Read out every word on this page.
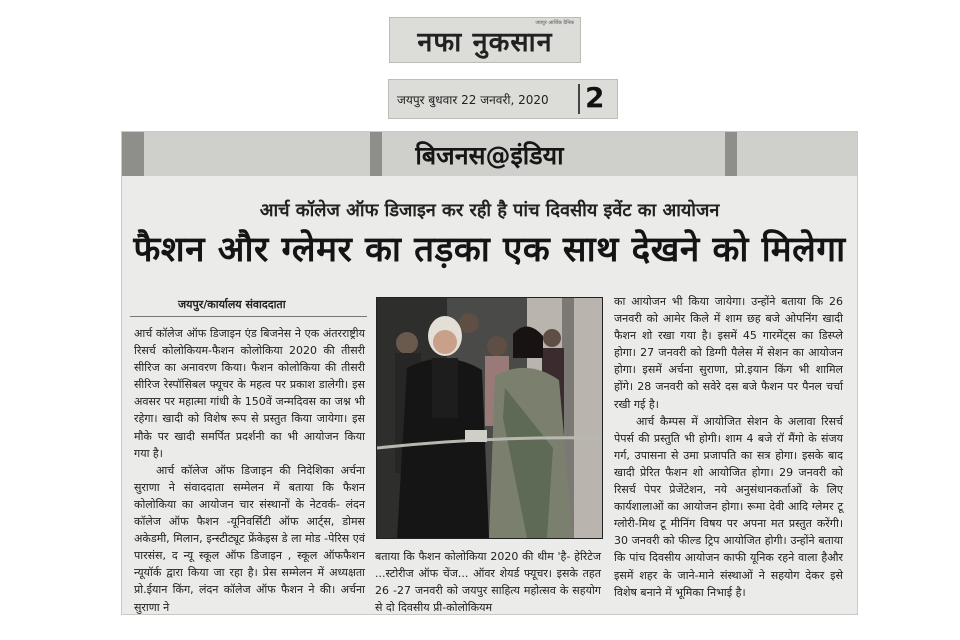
जयपुर आर्थिक दैनिक
नफा नुकसान
जयपुर बुधवार 22 जनवरी, 2020 2
बिजनस@इंडिया
आर्च कॉलेज ऑफ डिजाइन कर रही है पांच दिवसीय इवेंट का आयोजन
फैशन और ग्लेमर का तड़का एक साथ देखने को मिलेगा
जयपुर/कार्यालय संवाददाता

आर्च कॉलेज ऑफ डिजाइन एंड बिजनेस ने एक अंतरराष्ट्रीय रिसर्च कोलोकियम-फैशन कोलोकिया 2020 की तीसरी सीरिज का अनावरण किया। फैशन कोलोकिया की तीसरी सीरिज रेस्पॉसिबल फ्यूचर के महत्व पर प्रकाश डालेगी। इस अवसर पर महात्मा गांधी के 150वें जन्मदिवस का जश्न भी रहेगा। खादी को विशेष रूप से प्रस्तुत किया जायेगा। इस मौके पर खादी समर्पित प्रदर्शनी का भी आयोजन किया गया है।

आर्च कॉलेज ऑफ डिजाइन की निदेशिका अर्चना सुराणा ने संवाददाता सम्मेलन में बताया कि फैशन कोलोकिया का आयोजन चार संस्थानों के नेटवर्क- लंदन कॉलेज ऑफ फैशन -यूनिवर्सिटी ऑफ आर्ट्स, डोमस अकेडमी, मिलान, इन्स्टीट्यूट फ्रेंकेइस डे ला मोड -पेरिस एवं पारसंस, द न्यू स्कूल ऑफ डिजाइन , स्कूल ऑफफैशन न्यूयॉर्क द्वारा किया जा रहा है। प्रेस सम्मेलन में अध्यक्षता प्रो.ईयान किंग, लंदन कॉलेज ऑफ फैशन ने की। अर्चना सुराणा ने

बताया कि फैशन कोलोकिया 2020 की थीम 'है- हेरिटेज ...स्टोरीज ऑफ चेंज... ऑवर शेयर्ड फ्यूचर। इसके तहत 26 -27 जनवरी को जयपुर साहित्य महोत्सव के सहयोग से दो दिवसीय प्री-कोलोकियम

का आयोजन भी किया जायेगा। उन्होंने बताया कि 26 जनवरी को आमेर किले में शाम छह बजे ओपनिंग खादी फैशन शो रखा गया है। इसमें 45 गारमेंट्स का डिस्प्ले होगा। 27 जनवरी को डिग्गी पैलेस में सेशन का आयोजन होगा। इसमें अर्चना सुराणा, प्रो.इयान किंग भी शामिल होंगे। 28 जनवरी को सवेरे दस बजे फैशन पर पैनल चर्चा रखी गई है।

आर्च कैम्पस में आयोजित सेशन के अलावा रिसर्च पेपर्स की प्रस्तुति भी होगी। शाम 4 बजे रॉ मैंगो के संजय गर्ग, उपासना से उमा प्रजापति का सत्र होगा। इसके बाद खादी प्रेरित फैशन शो आयोजित होगा। 29 जनवरी को रिसर्च पेपर प्रेजेंटेशन, नये अनुसंधानकर्ताओं के लिए कार्यशालाओं का आयोजन होगा। रूमा देवी आदि ग्लेमर टू ग्लोरी-मिथ टू मीनिंग विषय पर अपना मत प्रस्तुत करेंगी। 30 जनवरी को फील्ड ट्रिप आयोजित होगी। उन्होंने बताया कि पांच दिवसीय आयोजन काफी यूनिक रहने वाला हैऔर इसमें शहर के जाने-माने संस्थाओं ने सहयोग देकर इसे विशेष बनाने में भूमिका निभाई है।
